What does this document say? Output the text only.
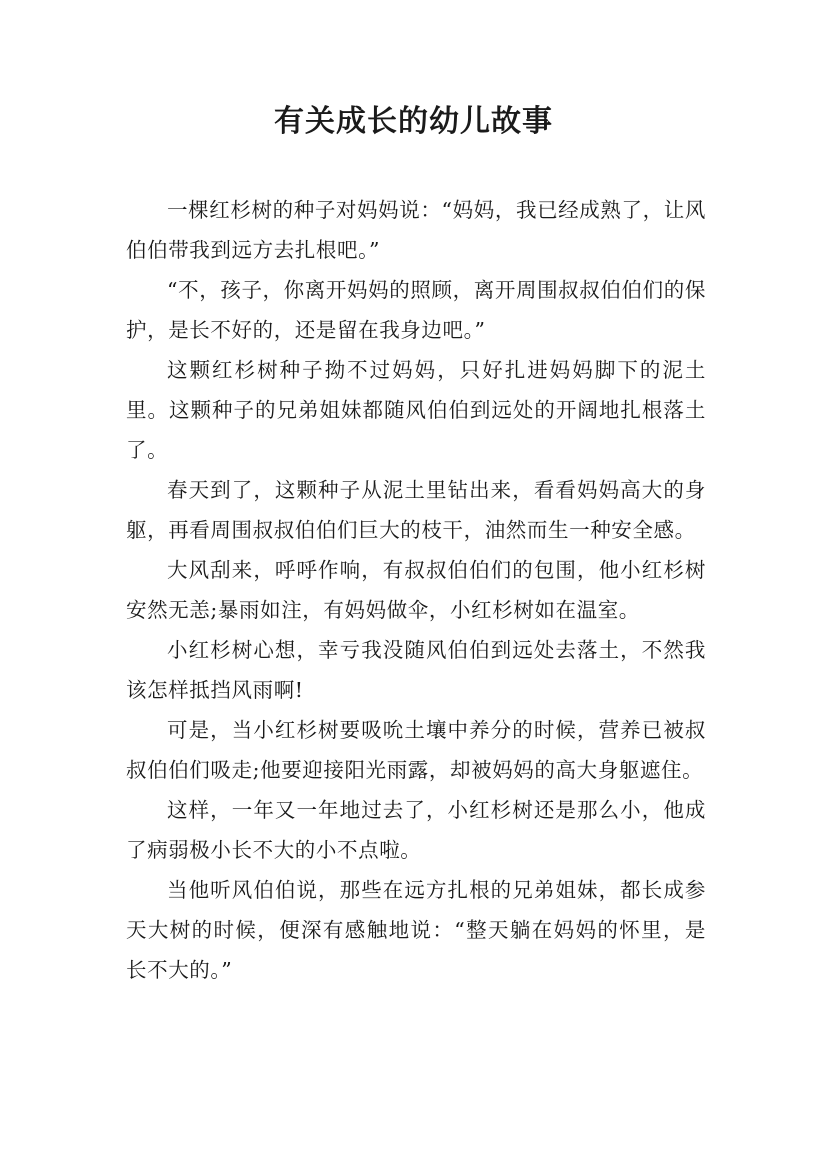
有关成长的幼儿故事

一棵红杉树的种子对妈妈说：“妈妈，我已经成熟了，让风伯伯带我到远方去扎根吧。”

“不，孩子，你离开妈妈的照顾，离开周围叔叔伯伯们的保护，是长不好的，还是留在我身边吧。”

这颗红杉树种子拗不过妈妈，只好扎进妈妈脚下的泥土里。这颗种子的兄弟姐妹都随风伯伯到远处的开阔地扎根落土了。

春天到了，这颗种子从泥土里钻出来，看看妈妈高大的身躯，再看周围叔叔伯伯们巨大的枝干，油然而生一种安全感。

大风刮来，呼呼作响，有叔叔伯伯们的包围，他小红杉树安然无恙;暴雨如注，有妈妈做伞，小红杉树如在温室。

小红杉树心想，幸亏我没随风伯伯到远处去落土，不然我该怎样抵挡风雨啊!

可是，当小红杉树要吸吮土壤中养分的时候，营养已被叔叔伯伯们吸走;他要迎接阳光雨露，却被妈妈的高大身躯遮住。

这样，一年又一年地过去了，小红杉树还是那么小，他成了病弱极小长不大的小不点啦。

当他听风伯伯说，那些在远方扎根的兄弟姐妹，都长成参天大树的时候，便深有感触地说：“整天躺在妈妈的怀里，是长不大的。”
